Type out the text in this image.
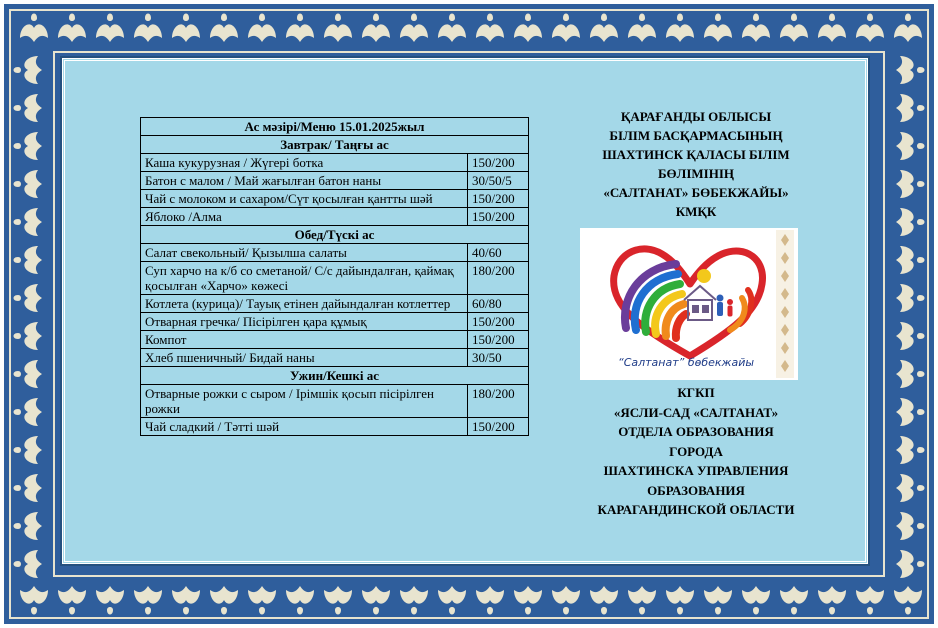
Ас мәзірі/Меню 15.01.2025жыл	
Завтрак/ Таңғы ас	
Каша кукурузная / Жүгері ботка	150/200
Батон с малом / Май жағылған батон наны	30/50/5
Чай с молоком и сахаром/Сүт қосылған қантты шәй	150/200
Яблоко /Алма	150/200
Обед/Түскі ас	
Салат свекольный/ Қызылша салаты	40/60
Суп харчо на к/б со сметаной/ С/с дайындалған, қаймақ қосылған «Харчо» көжесі	180/200
Котлета (курица)/ Тауық етінен дайындалған котлеттер	60/80
Отварная гречка/ Пісірілген қара құмық	150/200
Компот	150/200
Хлеб пшеничный/ Бидай наны	30/50
Ужин/Кешкі ас	
Отварные рожки с сыром / Ірімшік қосып пісірілген рожки	180/200
Чай сладкий / Тәтті шәй	150/200
ҚАРАҒАНДЫ ОБЛЫСЫ
БІЛІМ БАСҚАРМАСЫНЫҢ
ШАХТИНСК ҚАЛАСЫ БІЛІМ
БӨЛІМІНІҢ
«САЛТАНАТ» БӨБЕКЖАЙЫ»
КМҚК
“Салтанат” бөбекжайы
КГКП
«ЯСЛИ-САД «САЛТАНАТ»
ОТДЕЛА ОБРАЗОВАНИЯ
ГОРОДА
ШАХТИНСКА УПРАВЛЕНИЯ
ОБРАЗОВАНИЯ
КАРАГАНДИНСКОЙ ОБЛАСТИ
